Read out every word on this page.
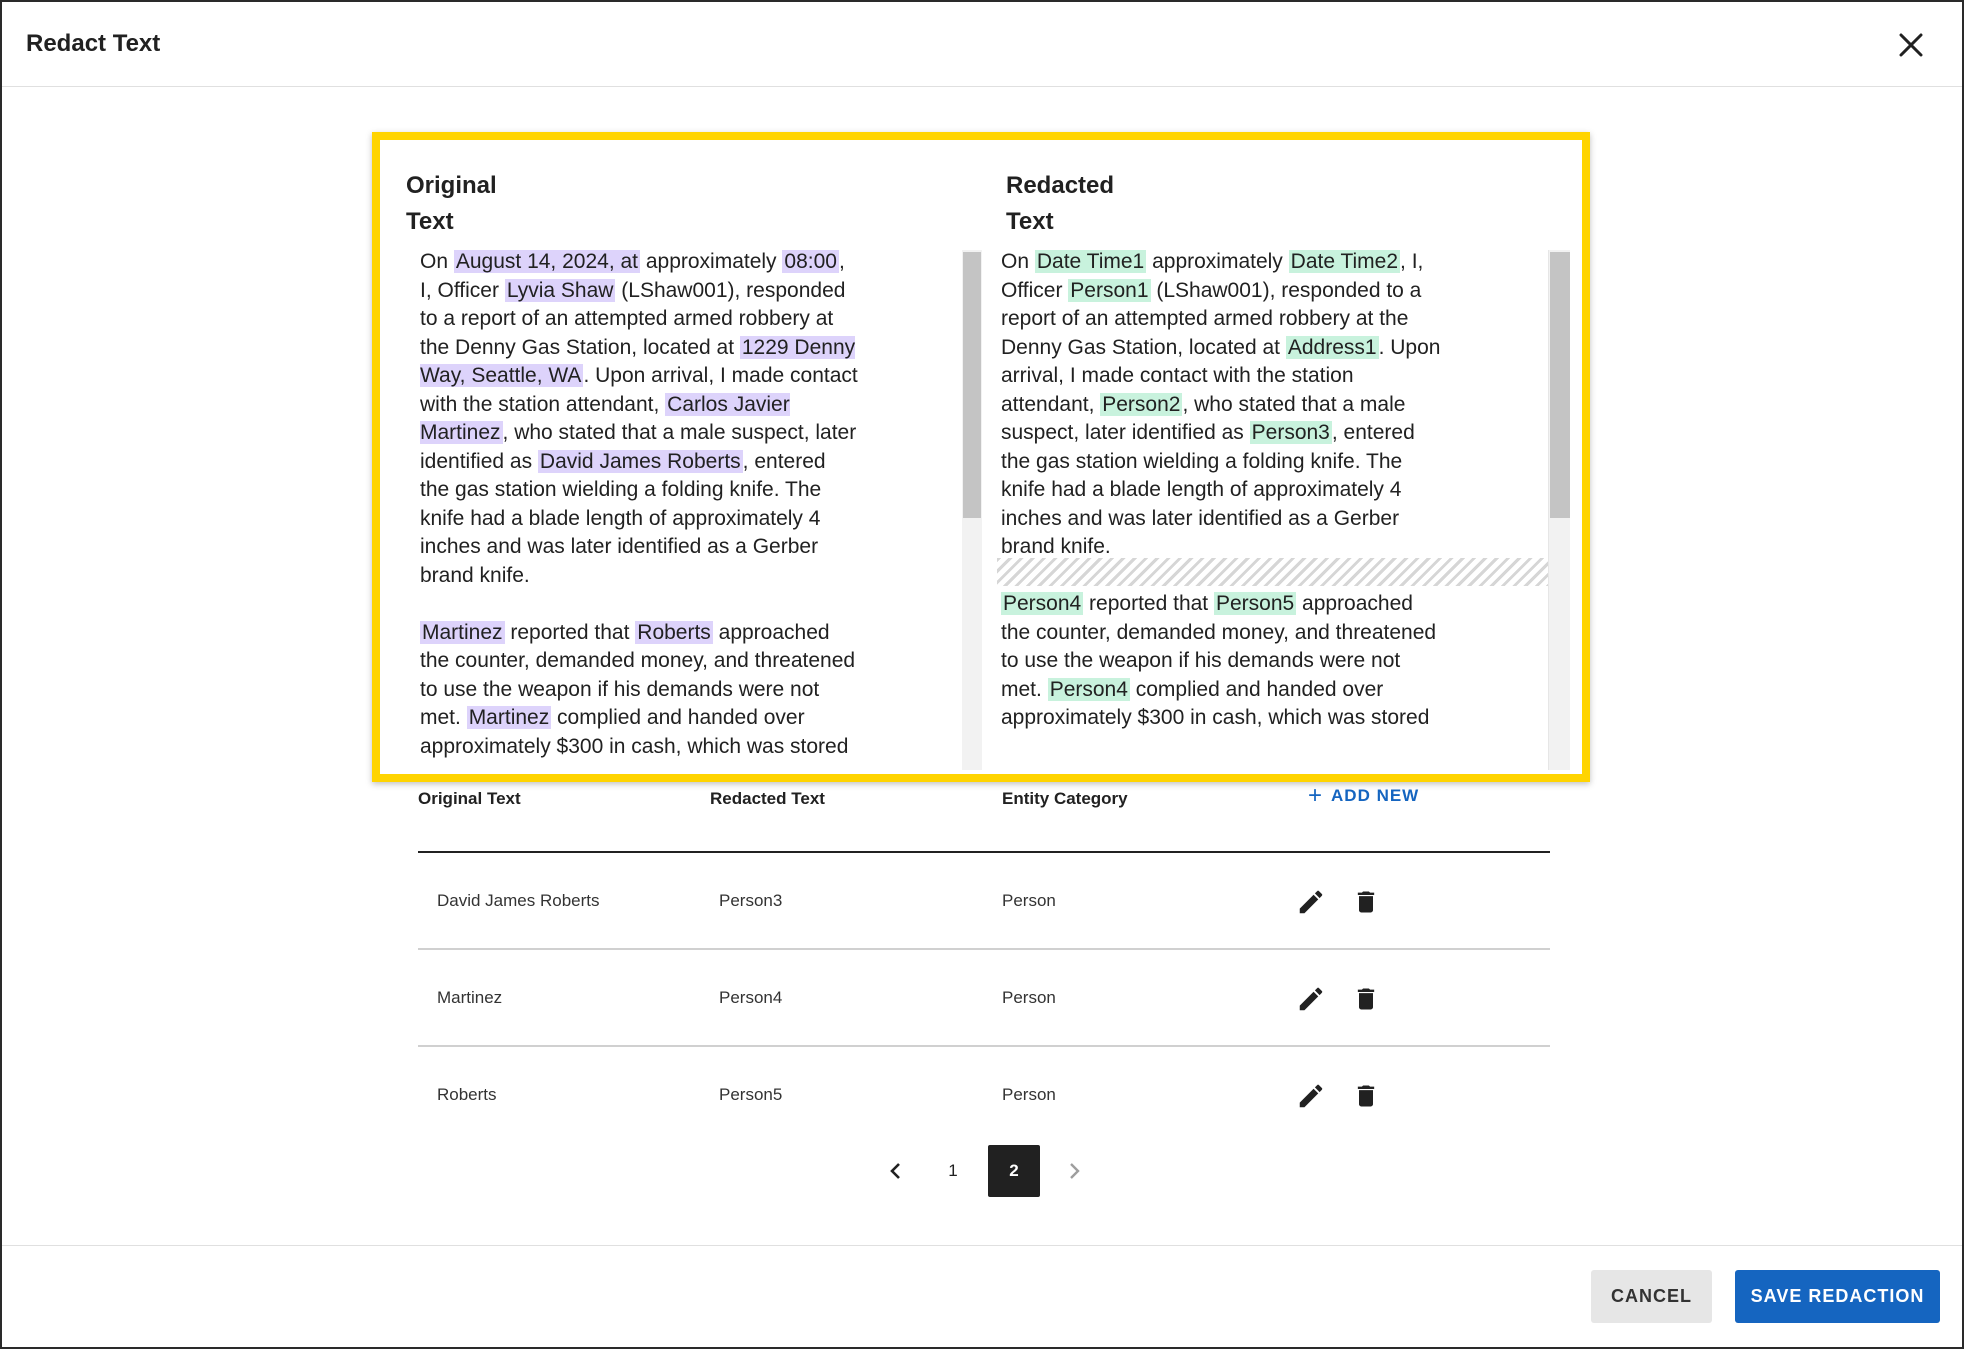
Redact Text
Original Text
Redacted Text

On August 14, 2024, at approximately 08:00, I, Officer Lyvia Shaw (LShaw001), responded to a report of an attempted armed robbery at the Denny Gas Station, located at 1229 Denny Way, Seattle, WA. Upon arrival, I made contact with the station attendant, Carlos Javier Martinez, who stated that a male suspect, later identified as David James Roberts, entered the gas station wielding a folding knife. The knife had a blade length of approximately 4 inches and was later identified as a Gerber brand knife.

Martinez reported that Roberts approached the counter, demanded money, and threatened to use the weapon if his demands were not met. Martinez complied and handed over approximately $300 in cash, which was stored

On Date Time1 approximately Date Time2, I, Officer Person1 (LShaw001), responded to a report of an attempted armed robbery at the Denny Gas Station, located at Address1. Upon arrival, I made contact with the station attendant, Person2, who stated that a male suspect, later identified as Person3, entered the gas station wielding a folding knife. The knife had a blade length of approximately 4 inches and was later identified as a Gerber brand knife.

Person4 reported that Person5 approached the counter, demanded money, and threatened to use the weapon if his demands were not met. Person4 complied and handed over approximately $300 in cash, which was stored

Original Text	Redacted Text	Entity Category	+ ADD NEW
David James Roberts	Person3	Person
Martinez	Person4	Person
Roberts	Person5	Person
1	2
CANCEL	SAVE REDACTION
